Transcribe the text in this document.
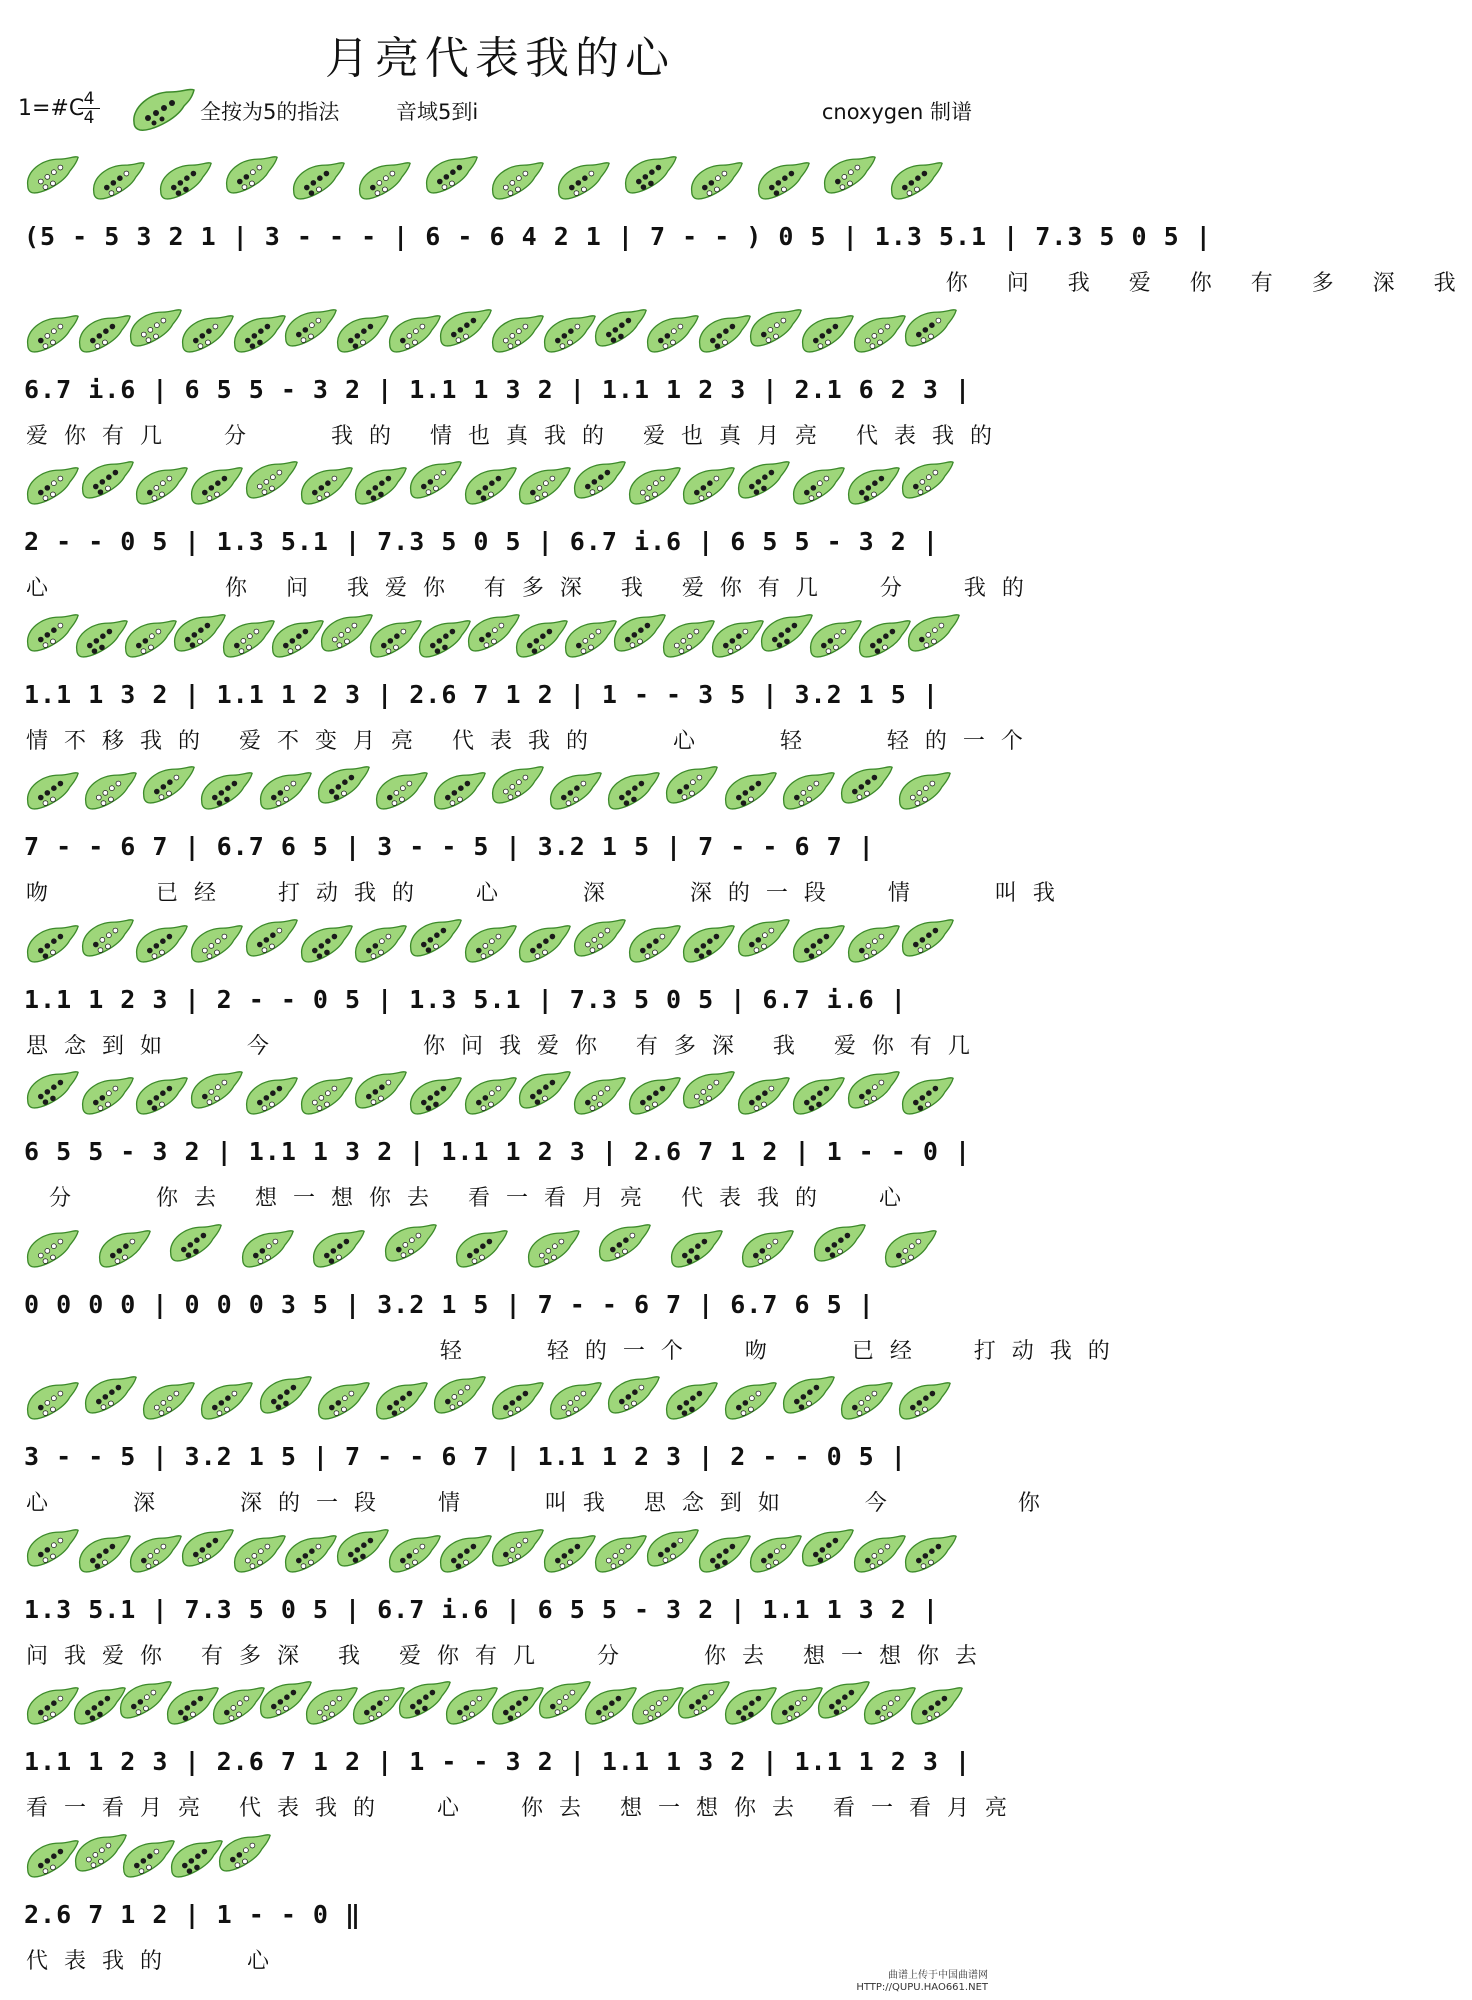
月亮代表我的心
1=#C 4
4	全按为5的指法	音域5到i	cnoxygen 制谱
(5 - 5 3 2 1 | 3 - - - | 6 - 6 4 2 1 | 7 - - ) 0 5 | 1.3 5.1 | 7.3 5 0 5 |
你 问 我 爱 你 有 多 深 我
6.7 i.6 | 6 5 5 - 3 2 | 1.1 1 3 2 | 1.1 1 2 3 | 2.1 6 2 3 |
爱你有几  分   我的 情也真我的 爱也真月亮 代表我的
2 - - 0 5 | 1.3 5.1 | 7.3 5 0 5 | 6.7 i.6 | 6 5 5 - 3 2 |
心       你 问 我爱你 有多深 我 爱你有几  分  我的
1.1 1 3 2 | 1.1 1 2 3 | 2.6 7 1 2 | 1 - - 3 5 | 3.2 1 5 |
情不移我的 爱不变月亮 代表我的   心   轻   轻的一个
7 - - 6 7 | 6.7 6 5 | 3 - - 5 | 3.2 1 5 | 7 - - 6 7 |
吻    已经  打动我的  心   深   深的一段  情   叫我
1.1 1 2 3 | 2 - - 0 5 | 1.3 5.1 | 7.3 5 0 5 | 6.7 i.6 |
思念到如   今      你问我爱你 有多深 我 爱你有几
6 5 5 - 3 2 | 1.1 1 3 2 | 1.1 1 2 3 | 2.6 7 1 2 | 1 - - 0 |
分   你去 想一想你去 看一看月亮 代表我的  心
0 0 0 0 | 0 0 0 3 5 | 3.2 1 5 | 7 - - 6 7 | 6.7 6 5 |
轻   轻的一个  吻   已经  打动我的
3 - - 5 | 3.2 1 5 | 7 - - 6 7 | 1.1 1 2 3 | 2 - - 0 5 |
心   深   深的一段  情   叫我 思念到如   今     你
1.3 5.1 | 7.3 5 0 5 | 6.7 i.6 | 6 5 5 - 3 2 | 1.1 1 3 2 |
问我爱你 有多深 我 爱你有几  分   你去 想一想你去
1.1 1 2 3 | 2.6 7 1 2 | 1 - - 3 2 | 1.1 1 3 2 | 1.1 1 2 3 |
看一看月亮 代表我的  心  你去 想一想你去 看一看月亮
2.6 7 1 2 | 1 - - 0 ‖
代表我的   心
曲谱上传于中国曲谱网
HTTP://QUPU.HAO661.NET
